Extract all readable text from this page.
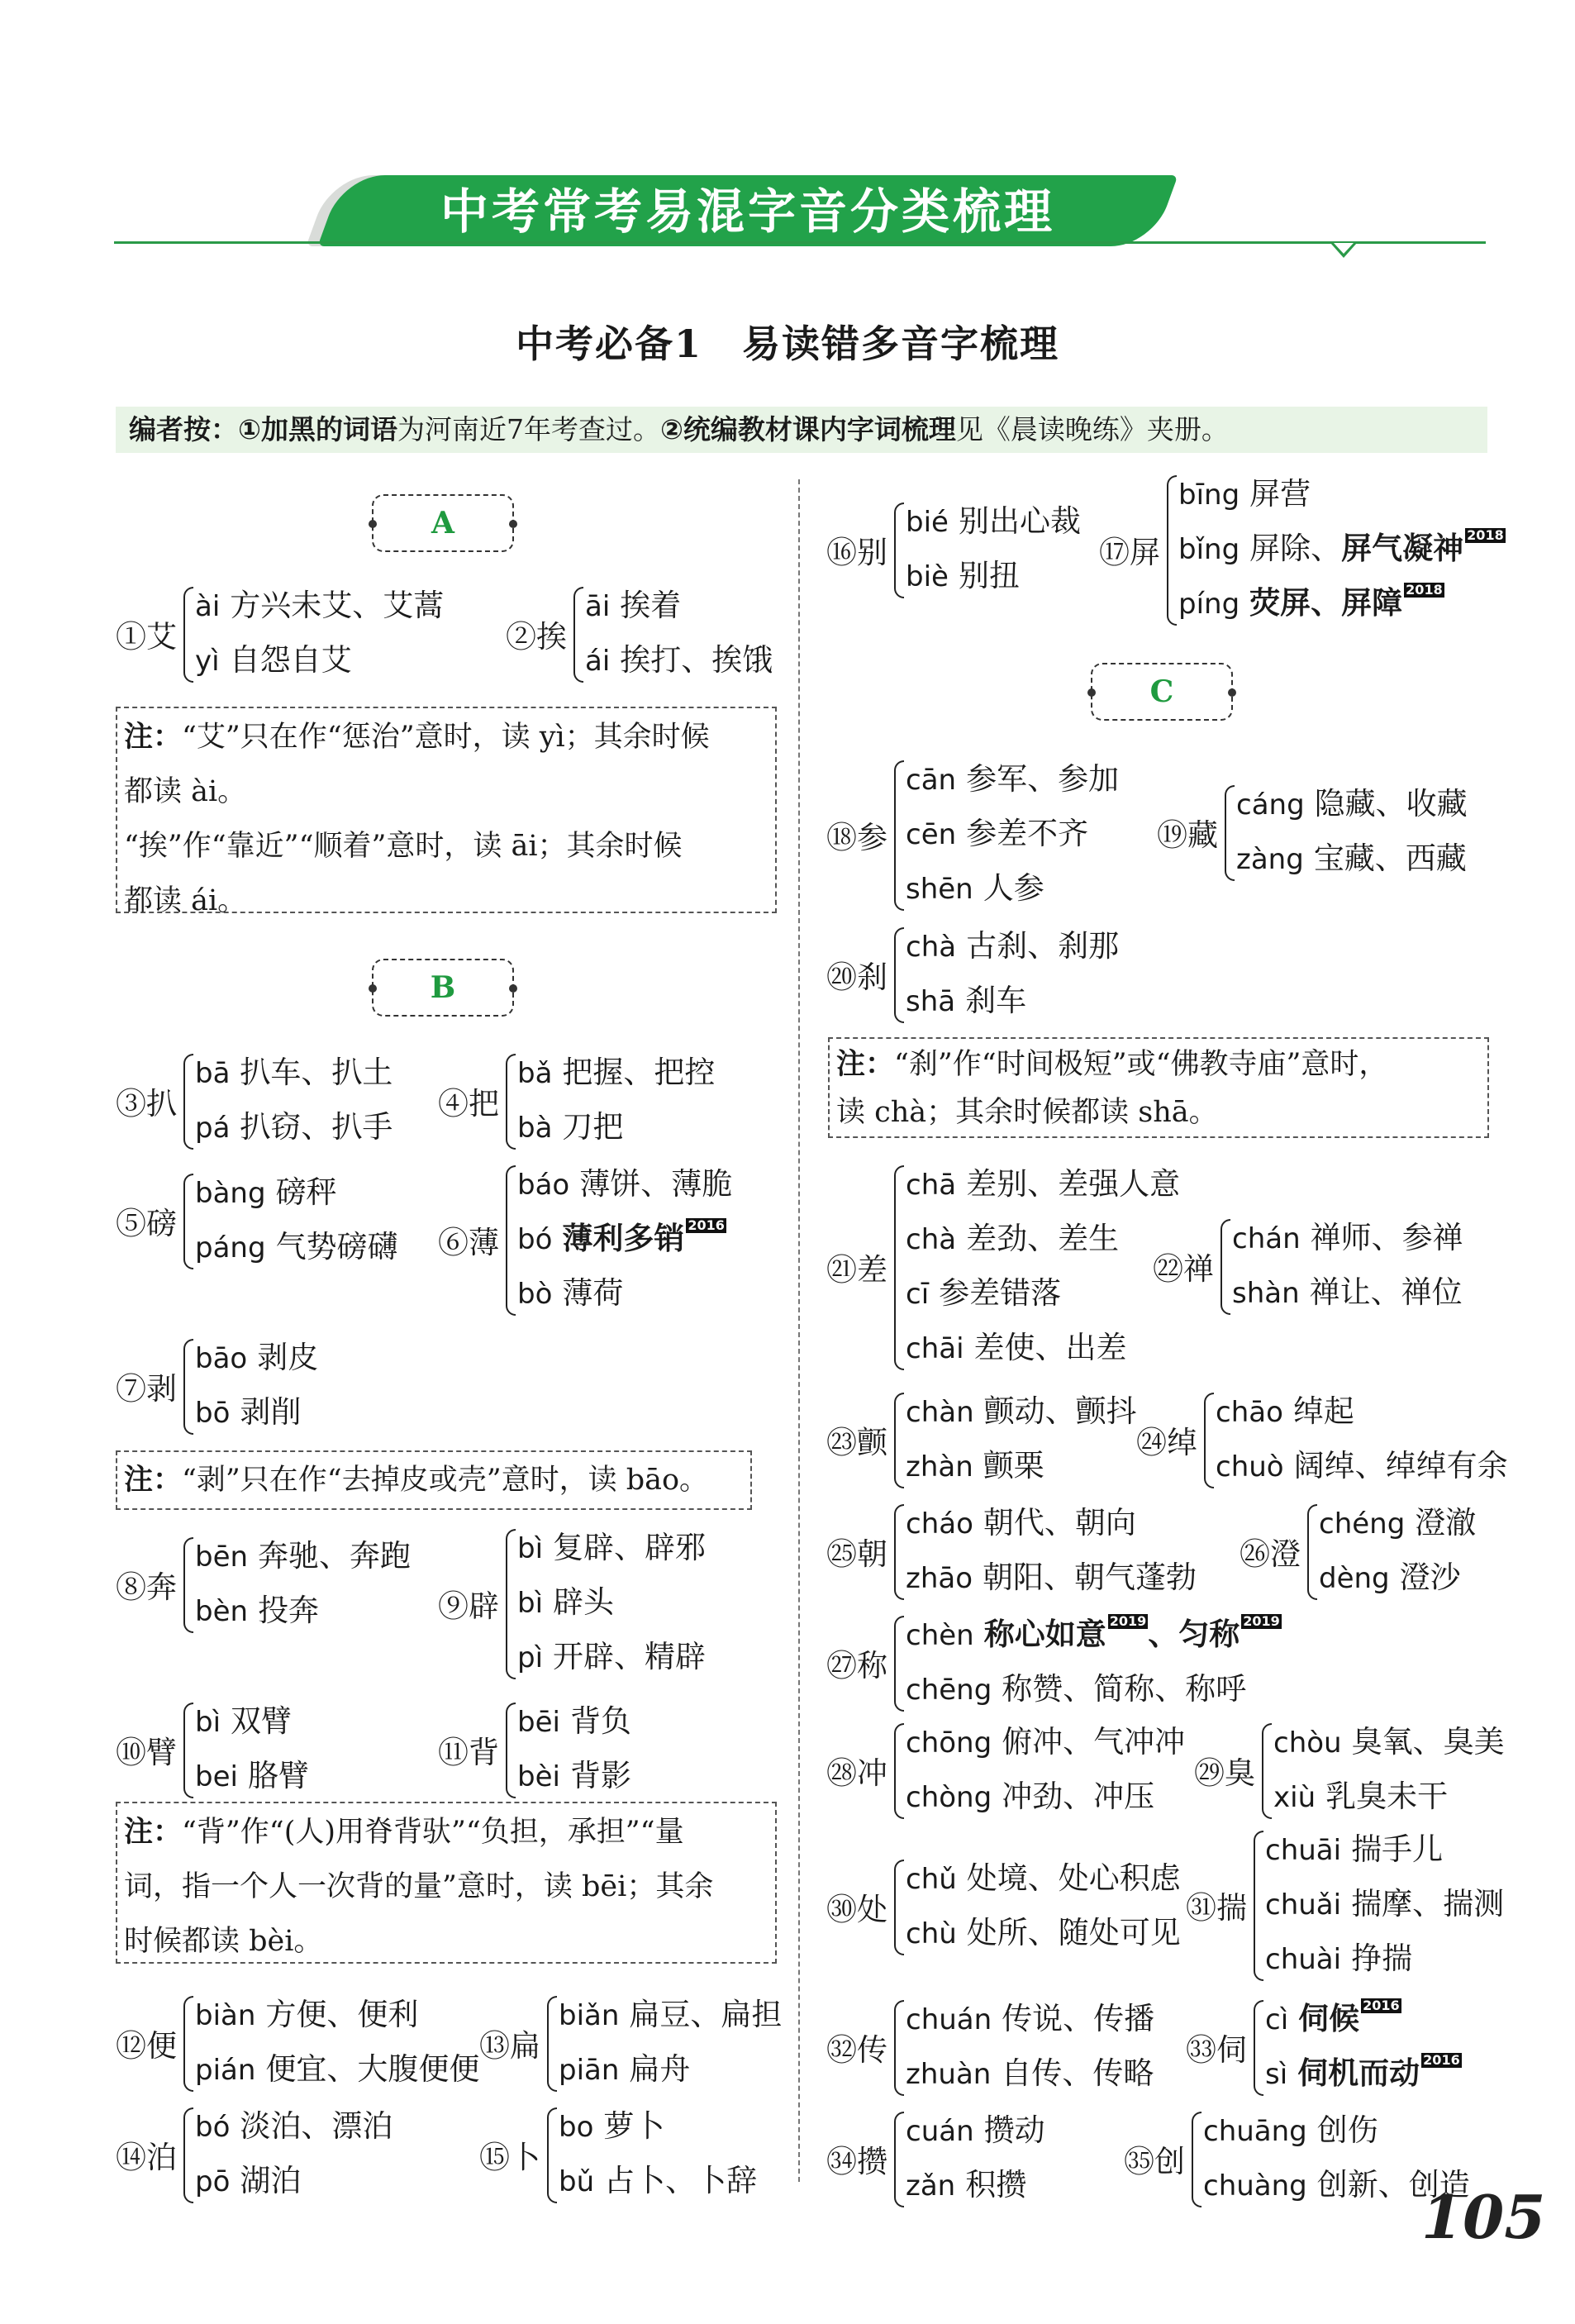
中考常考易混字音分类梳理
中考必备1　易读错多音字梳理
编者按：①加黑的词语为河南近7年考查过。②统编教材课内字词梳理见《晨读晚练》夹册。
A
B
C
①艾
ài 方兴未艾、艾蒿
yì 自怨自艾
②挨
āi 挨着
ái 挨打、挨饿
③扒
bā 扒车、扒土
pá 扒窃、扒手
④把
bǎ 把握、把控
bà 刀把
⑤磅
bàng 磅秤
páng 气势磅礴 ⑥薄
báo 薄饼、薄脆
bó 薄利多销 2016
bò 薄荷
⑦剥
bāo 剥皮
bō 剥削
⑧奔
bēn 奔驰、奔跑
bèn 投奔	⑨辟
bì 复辟、辟邪
bì 辟头
pì 开辟、精辟
⑩臂
bì 双臂
bei 胳臂
⑪背
bēi 背负
bèi 背影
⑫便
biàn 方便、便利
pián 便宜、大腹便便
⑬扁
biǎn 扁豆、扁担
piān 扁舟
⑭泊
bó 淡泊、漂泊
pō 湖泊
⑮卜
bo 萝卜
bǔ 占卜、卜辞
⑯别
bié 别出心裁
biè 别扭
⑰屏
bīng 屏营
bǐng 屏除、屏气凝神 2018
píng 荧屏、屏障 2018
⑱参
cān 参军、参加
cēn 参差不齐
shēn 人参
⑲藏
cáng 隐藏、收藏
zàng 宝藏、西藏
⑳刹
chà 古刹、刹那
shā 刹车
㉑差
chā 差别、差强人意
chà 差劲、差生
cī 参差错落
chāi 差使、出差
㉒禅
chán 禅师、参禅
shàn 禅让、禅位
㉓颤
chàn 颤动、颤抖
zhàn 颤栗
㉔绰
chāo 绰起
chuò 阔绰、绰绰有余
㉕朝
cháo 朝代、朝向
zhāo 朝阳、朝气蓬勃
㉖澄
chéng 澄澈
dèng 澄沙
㉗称
chèn 称心如意 2019、匀称 2019
chēng 称赞、简称、称呼
㉘冲
chōng 俯冲、气冲冲
chòng 冲劲、冲压
㉙臭
chòu 臭氧、臭美
xiù 乳臭未干
㉚处
chǔ 处境、处心积虑
chù 处所、随处可见
㉛揣
chuāi 揣手儿
chuǎi 揣摩、揣测
chuài 挣揣
㉜传
chuán 传说、传播
zhuàn 自传、传略
㉝伺
cì 伺候 2016
sì 伺机而动 2016
㉞攒
cuán 攒动
zǎn 积攒
㉟创
chuāng 创伤
chuàng 创新、创造
注：“艾”只在作“惩治”意时，读 yì；其余时候
都读 ài。
“挨”作“靠近”“顺着”意时，读 āi；其余时候
都读 ái。
注：“剥”只在作“去掉皮或壳”意时，读 bāo。
注：“背”作“(人)用脊背驮”“负担，承担”“量
词，指一个人一次背的量”意时，读 bēi；其余
时候都读 bèi。
注：“刹”作“时间极短”或“佛教寺庙”意时，
读 chà；其余时候都读 shā。
105
